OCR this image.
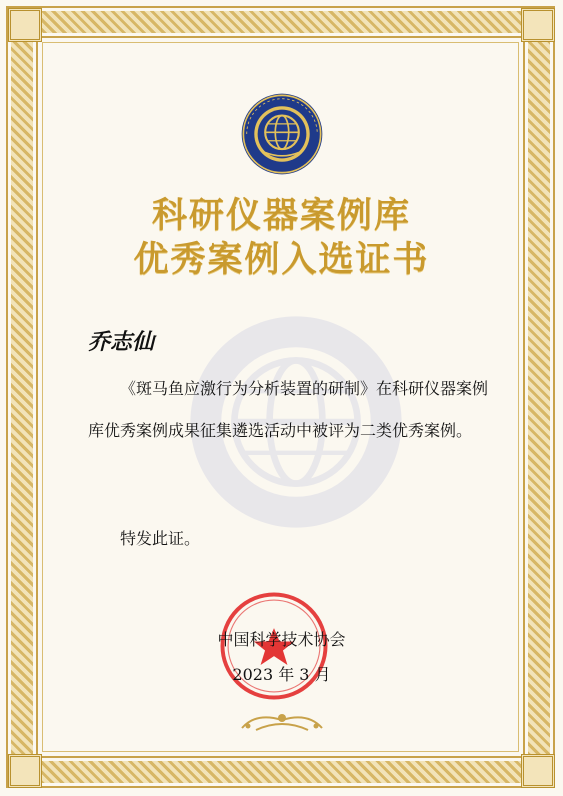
科研仪器案例库
优秀案例入选证书
乔志仙
《斑马鱼应激行为分析装置的研制》在科研仪器案例库优秀案例成果征集遴选活动中被评为二类优秀案例。
特发此证。
中国科学技术协会
2023 年 3 月
